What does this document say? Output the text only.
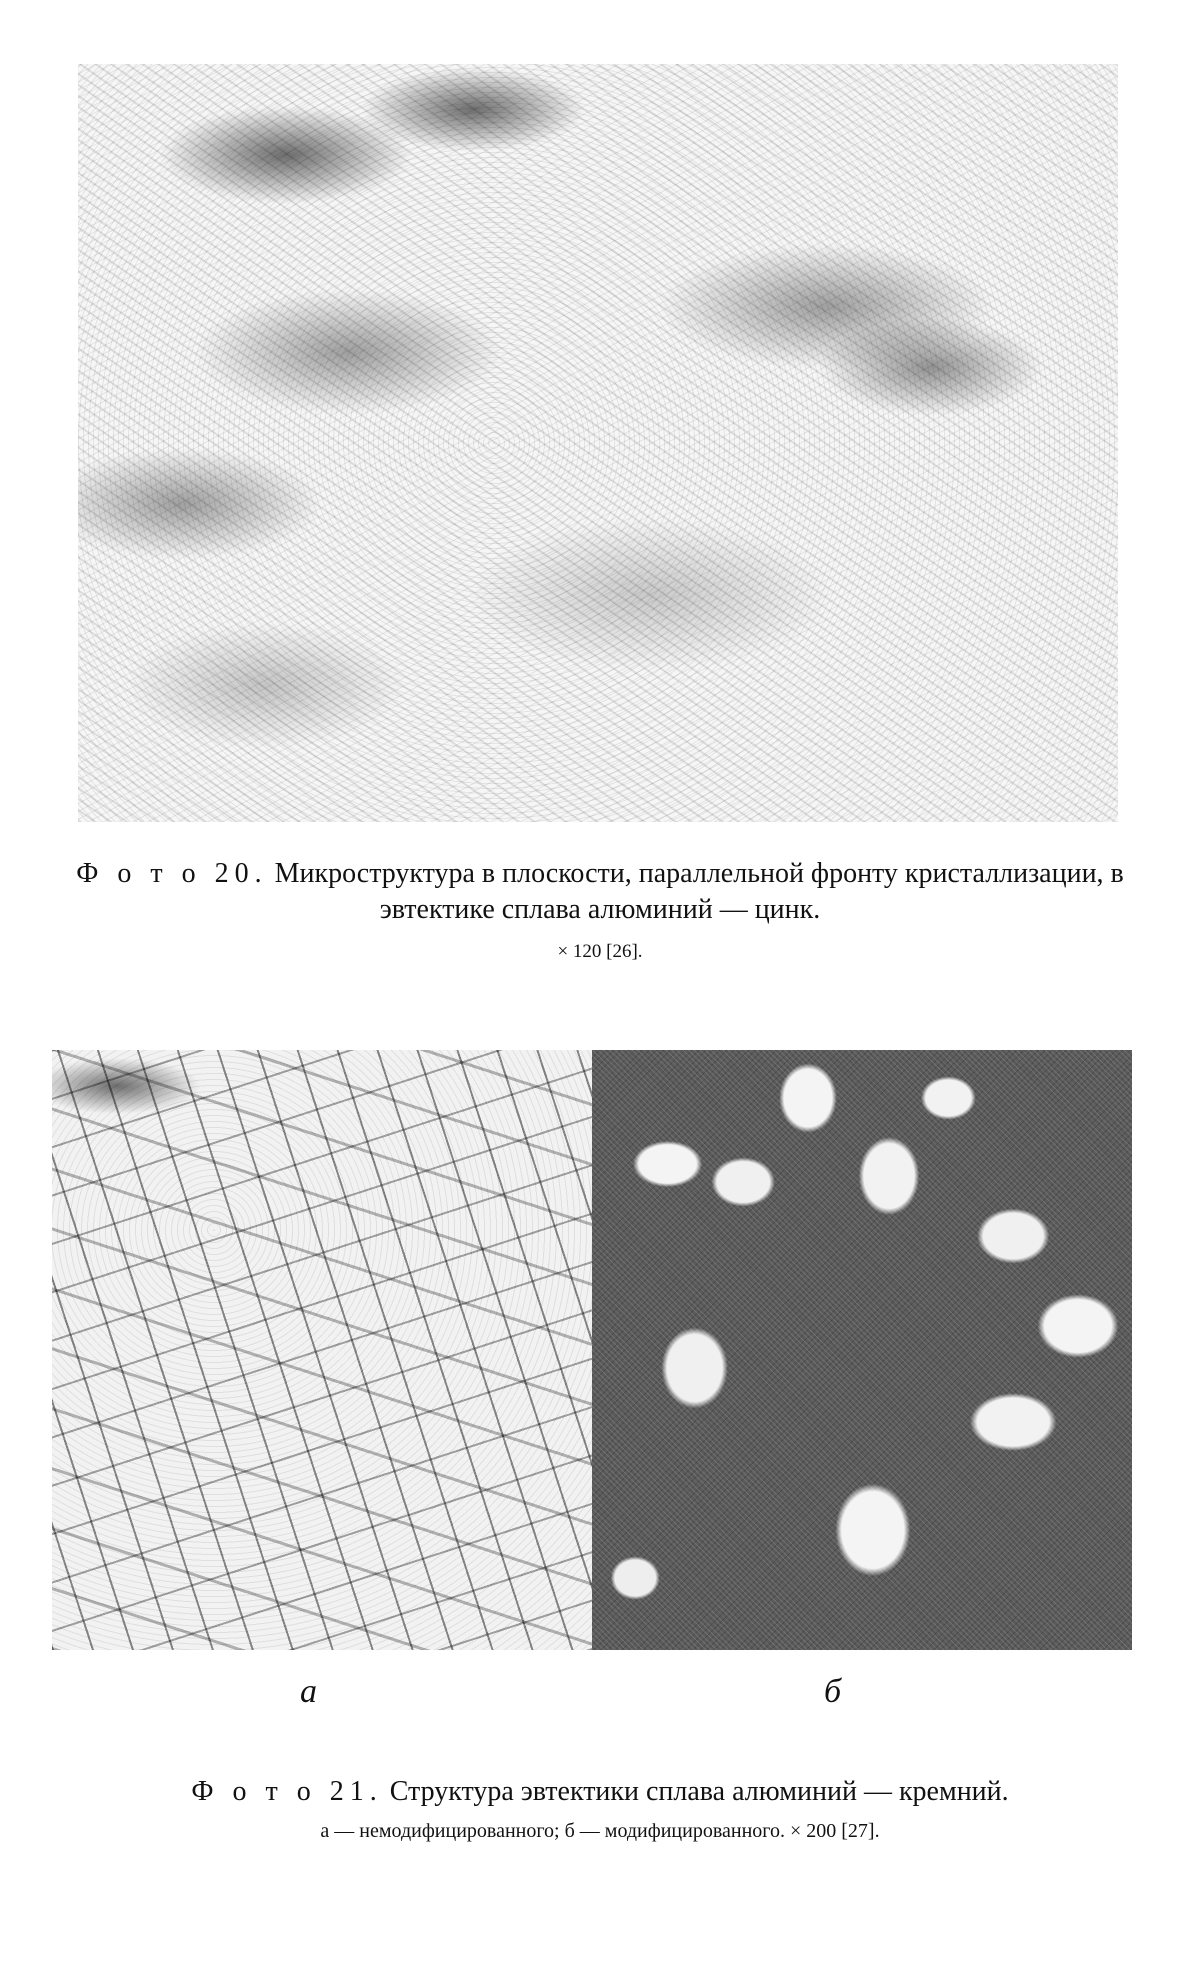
Ф о т о 20. Микроструктура в плоскости, параллельной фронту кристаллизации, в эвтектике сплава алюминий — цинк.

× 120 [26].

а	б

Ф о т о 21. Структура эвтектики сплава алюминий — кремний.

а — немодифицированного; б — модифицированного. × 200 [27].
